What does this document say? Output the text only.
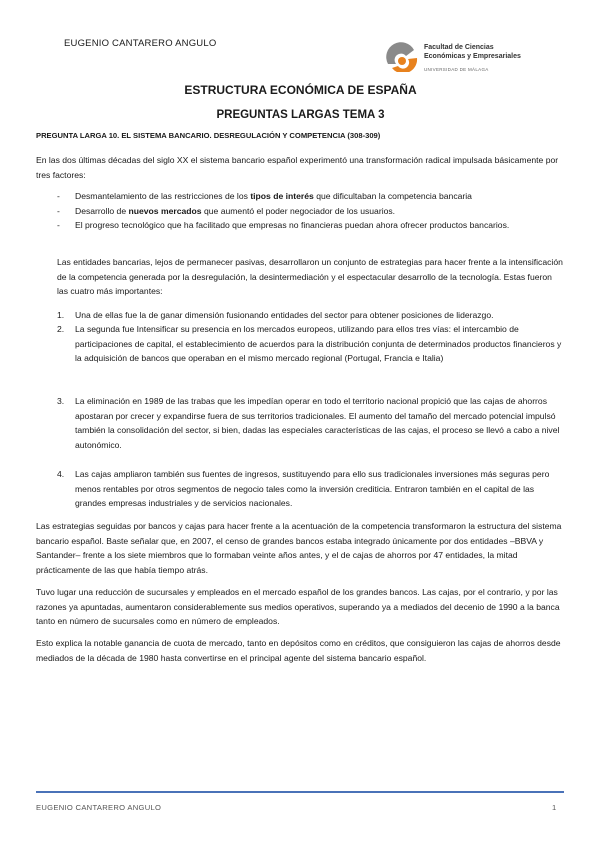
EUGENIO CANTARERO ANGULO	Facultad de Ciencias
Económicas y Empresariales
UNIVERSIDAD DE MÁLAGA
ESTRUCTURA ECONÓMICA DE ESPAÑA
PREGUNTAS LARGAS TEMA 3
PREGUNTA LARGA 10. EL SISTEMA BANCARIO. DESREGULACIÓN Y COMPETENCIA (308-309)
En las dos últimas décadas del siglo XX el sistema bancario español experimentó una transformación radical impulsada básicamente por tres factores:
- Desmantelamiento de las restricciones de los tipos de interés que dificultaban la competencia bancaria
- Desarrollo de nuevos mercados que aumentó el poder negociador de los usuarios.
- El progreso tecnológico que ha facilitado que empresas no financieras puedan ahora ofrecer productos bancarios.
Las entidades bancarias, lejos de permanecer pasivas, desarrollaron un conjunto de estrategias para hacer frente a la intensificación de la competencia generada por la desregulación, la desintermediación y el espectacular desarrollo de la tecnología. Estas fueron las cuatro más importantes:
1. Una de ellas fue la de ganar dimensión fusionando entidades del sector para obtener posiciones de liderazgo.
2. La segunda fue Intensificar su presencia en los mercados europeos, utilizando para ellos tres vías: el intercambio de participaciones de capital, el establecimiento de acuerdos para la distribución conjunta de determinados productos financieros y la adquisición de bancos que operaban en el mismo mercado regional (Portugal, Francia e Italia)
3. La eliminación en 1989 de las trabas que les impedían operar en todo el territorio nacional propició que las cajas de ahorros apostaran por crecer y expandirse fuera de sus territorios tradicionales. El aumento del tamaño del mercado potencial impulsó también la consolidación del sector, si bien, dadas las especiales características de las cajas, el proceso se llevó a cabo a nivel autonómico.
4. Las cajas ampliaron también sus fuentes de ingresos, sustituyendo para ello sus tradicionales inversiones más seguras pero menos rentables por otros segmentos de negocio tales como la inversión crediticia. Entraron también en el capital de las grandes empresas industriales y de servicios nacionales.
Las estrategias seguidas por bancos y cajas para hacer frente a la acentuación de la competencia transformaron la estructura del sistema bancario español. Baste señalar que, en 2007, el censo de grandes bancos estaba integrado únicamente por dos entidades –BBVA y Santander– frente a los siete miembros que lo formaban veinte años antes, y el de cajas de ahorros por 47 entidades, la mitad prácticamente de las que había tiempo atrás.
Tuvo lugar una reducción de sucursales y empleados en el mercado español de los grandes bancos. Las cajas, por el contrario, y por las razones ya apuntadas, aumentaron considerablemente sus medios operativos, superando ya a mediados del decenio de 1990 a la banca tanto en número de sucursales como en número de empleados.
Esto explica la notable ganancia de cuota de mercado, tanto en depósitos como en créditos, que consiguieron las cajas de ahorros desde mediados de la década de 1980 hasta convertirse en el principal agente del sistema bancario español.
EUGENIO CANTARERO ANGULO	1
